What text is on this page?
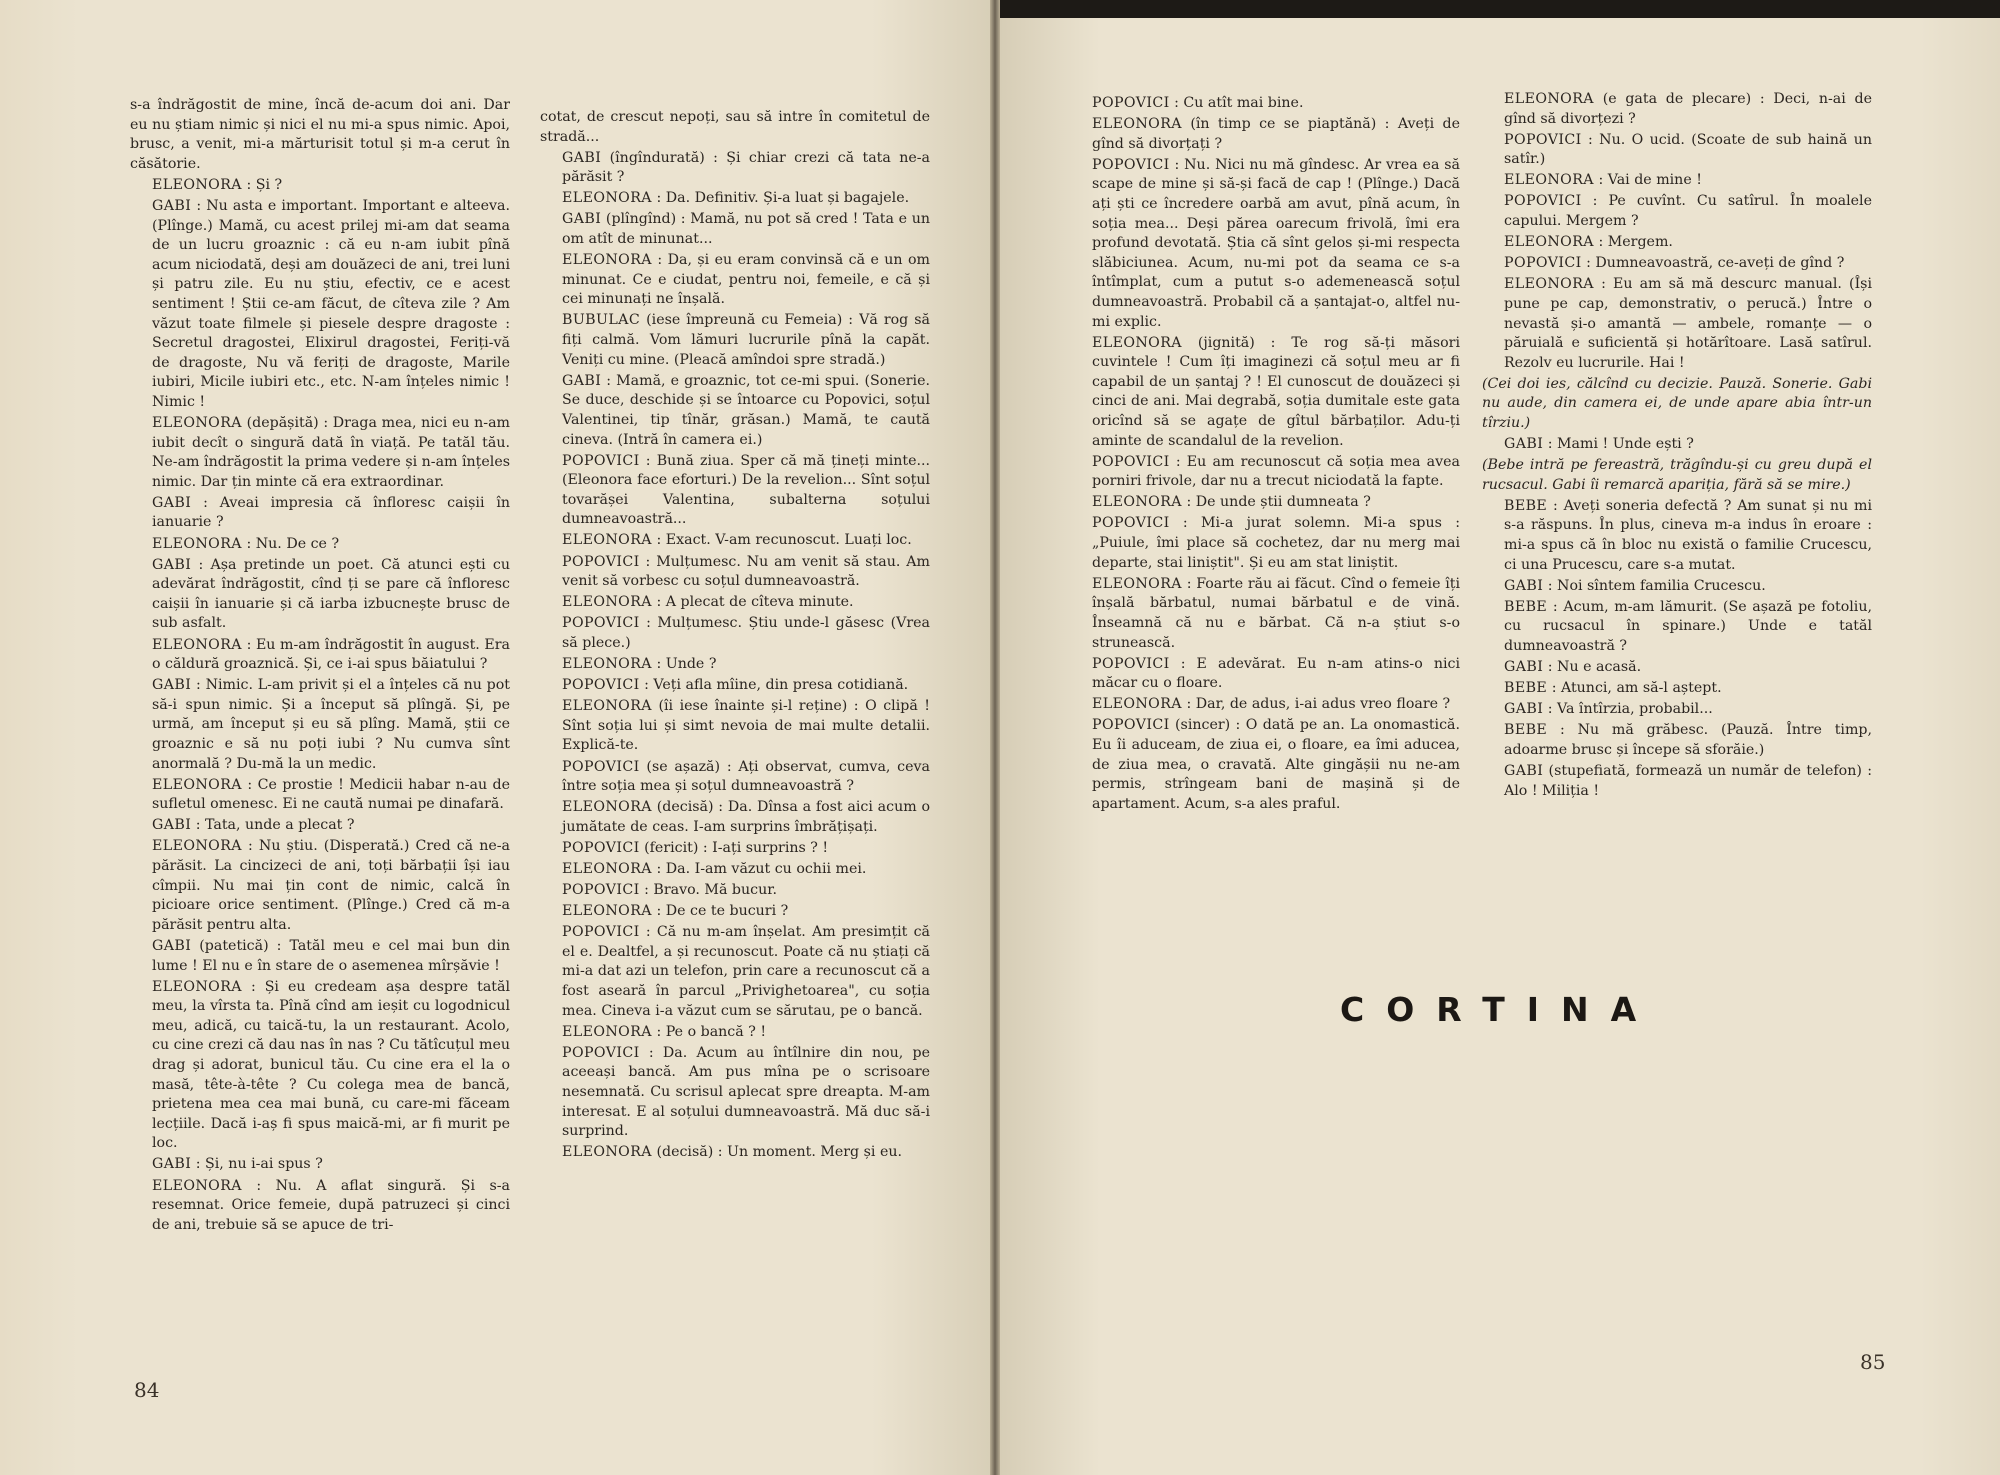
s-a îndrăgostit de mine, încă de-acum doi ani. Dar eu nu știam nimic și nici el nu mi-a spus nimic. Apoi, brusc, a venit, mi-a mărturisit totul și m-a cerut în căsătorie.

ELEONORA : Și ?

GABI : Nu asta e important. Important e alteeva. (Plînge.) Mamă, cu acest prilej mi-am dat seama de un lucru groaznic : că eu n-am iubit pînă acum niciodată, deși am douăzeci de ani, trei luni și patru zile. Eu nu știu, efectiv, ce e acest sentiment ! Știi ce-am făcut, de cîteva zile ? Am văzut toate filmele și piesele despre dragoste : Secretul dragostei, Elixirul dragostei, Feriți-vă de dragoste, Nu vă feriți de dragoste, Marile iubiri, Micile iubiri etc., etc. N-am înțeles nimic ! Nimic !

ELEONORA (depășită) : Draga mea, nici eu n-am iubit decît o singură dată în viață. Pe tatăl tău. Ne-am îndrăgostit la prima vedere și n-am înțeles nimic. Dar țin minte că era extraordinar.

GABI : Aveai impresia că înfloresc caișii în ianuarie ?

ELEONORA : Nu. De ce ?

GABI : Așa pretinde un poet. Că atunci ești cu adevărat îndrăgostit, cînd ți se pare că înfloresc caișii în ianuarie și că iarba izbucnește brusc de sub asfalt.

ELEONORA : Eu m-am îndrăgostit în august. Era o căldură groaznică. Și, ce i-ai spus băiatului ?

GABI : Nimic. L-am privit și el a înțeles că nu pot să-i spun nimic. Și a început să plîngă. Și, pe urmă, am început și eu să plîng. Mamă, știi ce groaznic e să nu poți iubi ? Nu cumva sînt anormală ? Du-mă la un medic.

ELEONORA : Ce prostie ! Medicii habar n-au de sufletul omenesc. Ei ne caută numai pe dinafară.

GABI : Tata, unde a plecat ?

ELEONORA : Nu știu. (Disperată.) Cred că ne-a părăsit. La cincizeci de ani, toți bărbații își iau cîmpii. Nu mai țin cont de nimic, calcă în picioare orice sentiment. (Plînge.) Cred că m-a părăsit pentru alta.

GABI (patetică) : Tatăl meu e cel mai bun din lume ! El nu e în stare de o asemenea mîrșăvie !

ELEONORA : Și eu credeam așa despre tatăl meu, la vîrsta ta. Pînă cînd am ieșit cu logodnicul meu, adică, cu taică-tu, la un restaurant. Acolo, cu cine crezi că dau nas în nas ? Cu tătîcuțul meu drag și adorat, bunicul tău. Cu cine era el la o masă, tête-à-tête ? Cu colega mea de bancă, prietena mea cea mai bună, cu care-mi făceam lecțiile. Dacă i-aș fi spus maică-mi, ar fi murit pe loc.

GABI : Și, nu i-ai spus ?

ELEONORA : Nu. A aflat singură. Și s-a resemnat. Orice femeie, după patruzeci și cinci de ani, trebuie să se apuce de tri-

cotat, de crescut nepoți, sau să intre în comitetul de stradă...

GABI (îngîndurată) : Și chiar crezi că tata ne-a părăsit ?

ELEONORA : Da. Definitiv. Și-a luat și bagajele.

GABI (plîngînd) : Mamă, nu pot să cred ! Tata e un om atît de minunat...

ELEONORA : Da, și eu eram convinsă că e un om minunat. Ce e ciudat, pentru noi, femeile, e că și cei minunați ne înșală.

BUBULAC (iese împreună cu Femeia) : Vă rog să fiți calmă. Vom lămuri lucrurile pînă la capăt. Veniți cu mine. (Pleacă amîndoi spre stradă.)

GABI : Mamă, e groaznic, tot ce-mi spui. (Sonerie. Se duce, deschide și se întoarce cu Popovici, soțul Valentinei, tip tînăr, grăsan.) Mamă, te caută cineva. (Intră în camera ei.)

POPOVICI : Bună ziua. Sper că mă țineți minte... (Eleonora face eforturi.) De la revelion... Sînt soțul tovarășei Valentina, subalterna soțului dumneavoastră...

ELEONORA : Exact. V-am recunoscut. Luați loc.

POPOVICI : Mulțumesc. Nu am venit să stau. Am venit să vorbesc cu soțul dumneavoastră.

ELEONORA : A plecat de cîteva minute.

POPOVICI : Mulțumesc. Știu unde-l găsesc (Vrea să plece.)

ELEONORA : Unde ?

POPOVICI : Veți afla mîine, din presa cotidiană.

ELEONORA (îi iese înainte și-l reține) : O clipă ! Sînt soția lui și simt nevoia de mai multe detalii. Explică-te.

POPOVICI (se așază) : Ați observat, cumva, ceva între soția mea și soțul dumneavoastră ?

ELEONORA (decisă) : Da. Dînsa a fost aici acum o jumătate de ceas. I-am surprins îmbrățișați.

POPOVICI (fericit) : I-ați surprins ? !

ELEONORA : Da. I-am văzut cu ochii mei.

POPOVICI : Bravo. Mă bucur.

ELEONORA : De ce te bucuri ?

POPOVICI : Că nu m-am înșelat. Am presimțit că el e. Dealtfel, a și recunoscut. Poate că nu știați că mi-a dat azi un telefon, prin care a recunoscut că a fost aseară în parcul „Privighetoarea", cu soția mea. Cineva i-a văzut cum se sărutau, pe o bancă.

ELEONORA : Pe o bancă ? !

POPOVICI : Da. Acum au întîlnire din nou, pe aceeași bancă. Am pus mîna pe o scrisoare nesemnată. Cu scrisul aplecat spre dreapta. M-am interesat. E al soțului dumneavoastră. Mă duc să-i surprind.

ELEONORA (decisă) : Un moment. Merg și eu.

84

POPOVICI : Cu atît mai bine.

ELEONORA (în timp ce se piaptănă) : Aveți de gînd să divorțați ?

POPOVICI : Nu. Nici nu mă gîndesc. Ar vrea ea să scape de mine și să-și facă de cap ! (Plînge.) Dacă ați ști ce încredere oarbă am avut, pînă acum, în soția mea... Deși părea oarecum frivolă, îmi era profund devotată. Știa că sînt gelos și-mi respecta slăbiciunea. Acum, nu-mi pot da seama ce s-a întîmplat, cum a putut s-o ademenească soțul dumneavoastră. Probabil că a șantajat-o, altfel nu-mi explic.

ELEONORA (jignită) : Te rog să-ți măsori cuvintele ! Cum îți imaginezi că soțul meu ar fi capabil de un șantaj ? ! El cunoscut de douăzeci și cinci de ani. Mai degrabă, soția dumitale este gata oricînd să se agațe de gîtul bărbaților. Adu-ți aminte de scandalul de la revelion.

POPOVICI : Eu am recunoscut că soția mea avea porniri frivole, dar nu a trecut niciodată la fapte.

ELEONORA : De unde știi dumneata ?

POPOVICI : Mi-a jurat solemn. Mi-a spus : „Puiule, îmi place să cochetez, dar nu merg mai departe, stai liniștit". Și eu am stat liniștit.

ELEONORA : Foarte rău ai făcut. Cînd o femeie îți înșală bărbatul, numai bărbatul e de vină. Înseamnă că nu e bărbat. Că n-a știut s-o strunească.

POPOVICI : E adevărat. Eu n-am atins-o nici măcar cu o floare.

ELEONORA : Dar, de adus, i-ai adus vreo floare ?

POPOVICI (sincer) : O dată pe an. La onomastică. Eu îi aduceam, de ziua ei, o floare, ea îmi aducea, de ziua mea, o cravată. Alte gingășii nu ne-am permis, strîngeam bani de mașină și de apartament. Acum, s-a ales praful.

ELEONORA (e gata de plecare) : Deci, n-ai de gînd să divorțezi ?

POPOVICI : Nu. O ucid. (Scoate de sub haină un satîr.)

ELEONORA : Vai de mine !

POPOVICI : Pe cuvînt. Cu satîrul. În moalele capului. Mergem ?

ELEONORA : Mergem.

POPOVICI : Dumneavoastră, ce-aveți de gînd ?

ELEONORA : Eu am să mă descurc manual. (Își pune pe cap, demonstrativ, o perucă.) Între o nevastă și-o amantă — ambele, romanțe — o păruială e suficientă și hotărîtoare. Lasă satîrul. Rezolv eu lucrurile. Hai !

(Cei doi ies, călcînd cu decizie. Pauză. Sonerie. Gabi nu aude, din camera ei, de unde apare abia într-un tîrziu.)

GABI : Mami ! Unde ești ?

(Bebe intră pe fereastră, trăgîndu-și cu greu după el rucsacul. Gabi îi remarcă apariția, fără să se mire.)

BEBE : Aveți soneria defectă ? Am sunat și nu mi s-a răspuns. În plus, cineva m-a indus în eroare : mi-a spus că în bloc nu există o familie Crucescu, ci una Prucescu, care s-a mutat.

GABI : Noi sîntem familia Crucescu.

BEBE : Acum, m-am lămurit. (Se așază pe fotoliu, cu rucsacul în spinare.) Unde e tatăl dumneavoastră ?

GABI : Nu e acasă.

BEBE : Atunci, am să-l aștept.

GABI : Va întîrzia, probabil...

BEBE : Nu mă grăbesc. (Pauză. Între timp, adoarme brusc și începe să sforăie.)

GABI (stupefiată, formează un număr de telefon) : Alo ! Miliția !

CORTINA
85
